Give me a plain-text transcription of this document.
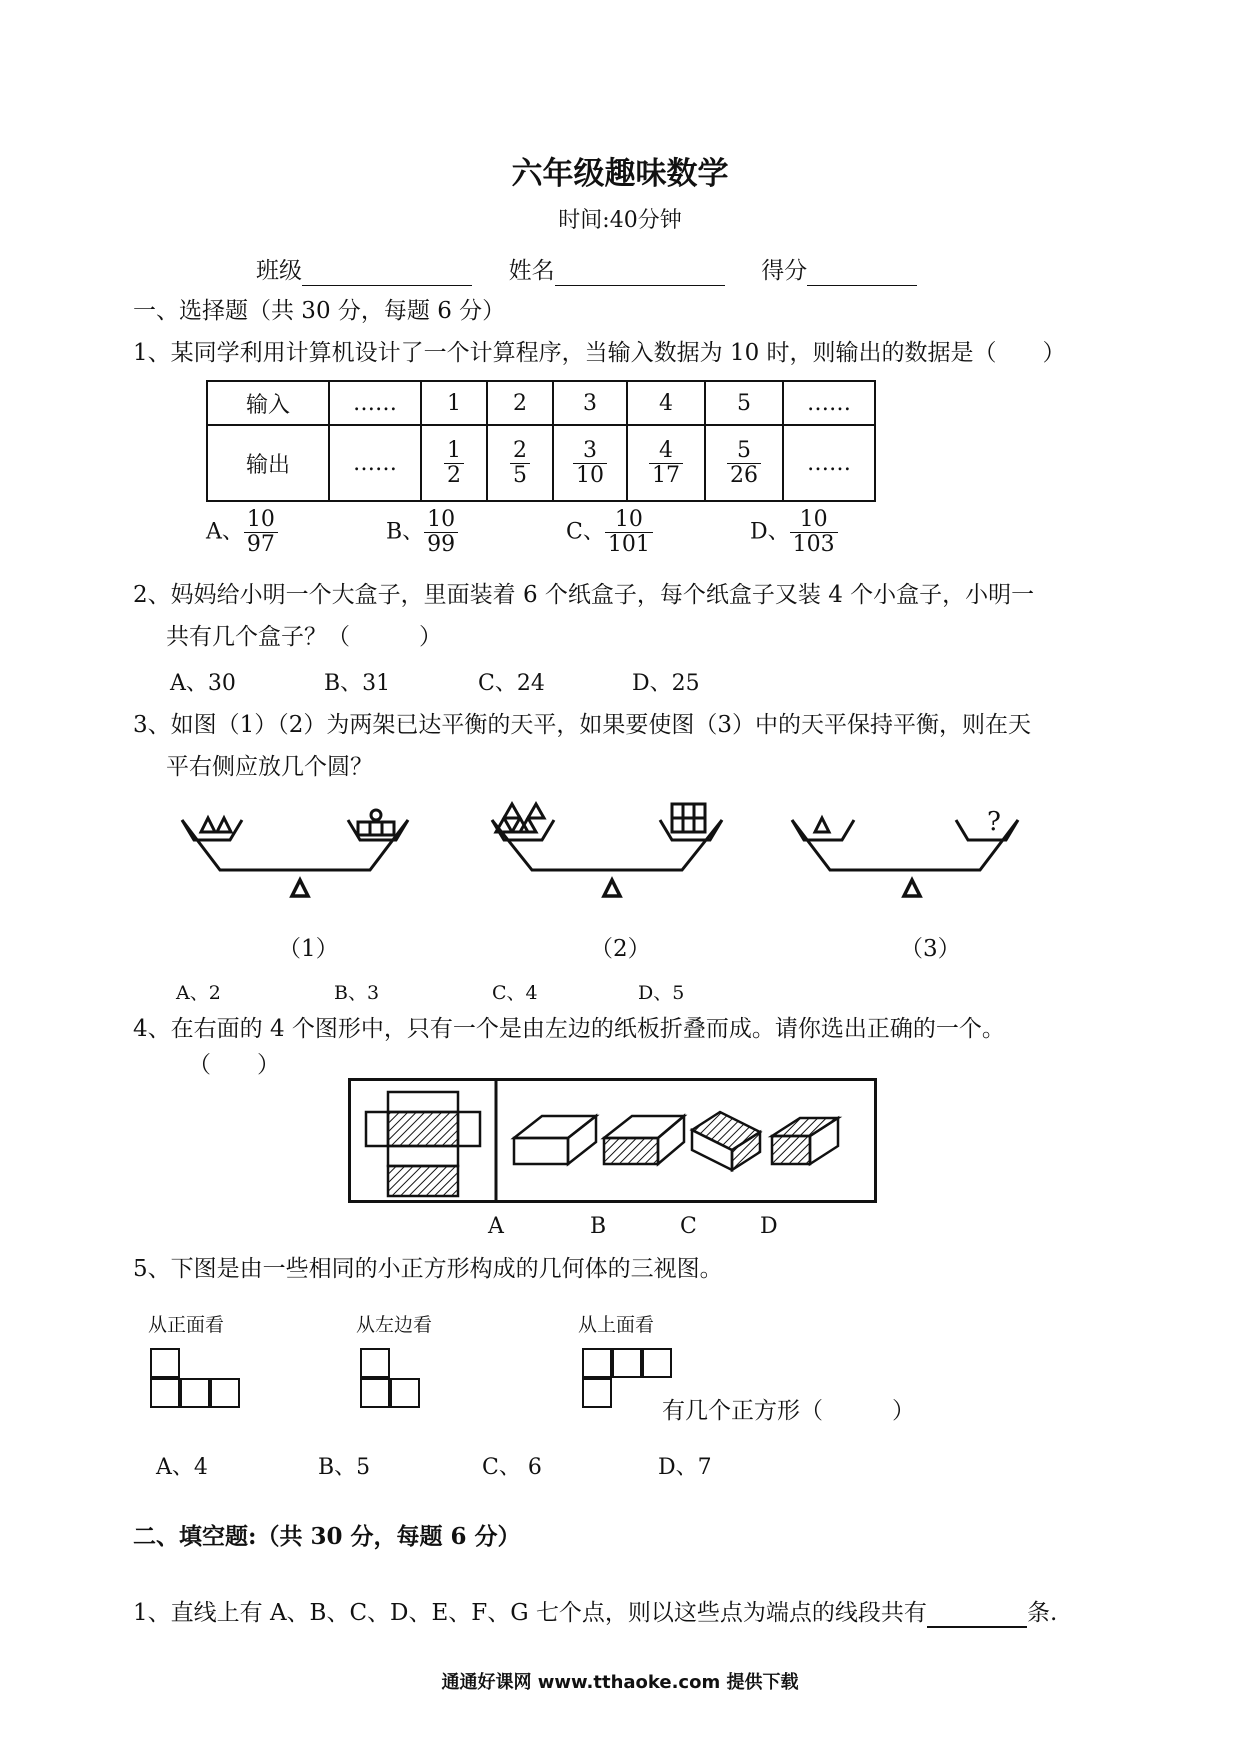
六年级趣味数学
时间:40分钟
班级	姓名	得分
一、选择题（共 30 分，每题 6 分）
1、某同学利用计算机设计了一个计算程序，当输入数据为 10 时，则输出的数据是（　　）
输入	……	1	2	3	4	5	……
输出	……	$\frac{1}{2}$	$\frac{2}{5}$	$\frac{3}{10}$	$\frac{4}{17}$	$\frac{5}{26}$	……
A、 $\frac{10}{97}$	B、 $\frac{10}{99}$	C、 $\frac{10}{101}$	D、 $\frac{10}{103}$
2、妈妈给小明一个大盒子，里面装着 6 个纸盒子，每个纸盒子又装 4 个小盒子，小明一
共有几个盒子？（　　　）
A、30	B、31	C、24	D、25
3、如图（1）（2）为两架已达平衡的天平，如果要使图（3）中的天平保持平衡，则在天
平右侧应放几个圆？
?
（1）	（2）	（3）
A、2	B、3	C、4	D、5
4、在右面的 4 个图形中，只有一个是由左边的纸板折叠而成。请你选出正确的一个。
（　　）
A	B	C	D
5、下图是由一些相同的小正方形构成的几何体的三视图。
从正面看	从左边看	从上面看
有几个正方形（　　　）
A、4	B、5	C、 6	D、7
二、填空题:（共 30 分，每题 6 分）
1、直线上有 A、B、C、D、E、F、G 七个点，则以这些点为端点的线段共有	条.
通通好课网 www.tthaoke.com 提供下载
